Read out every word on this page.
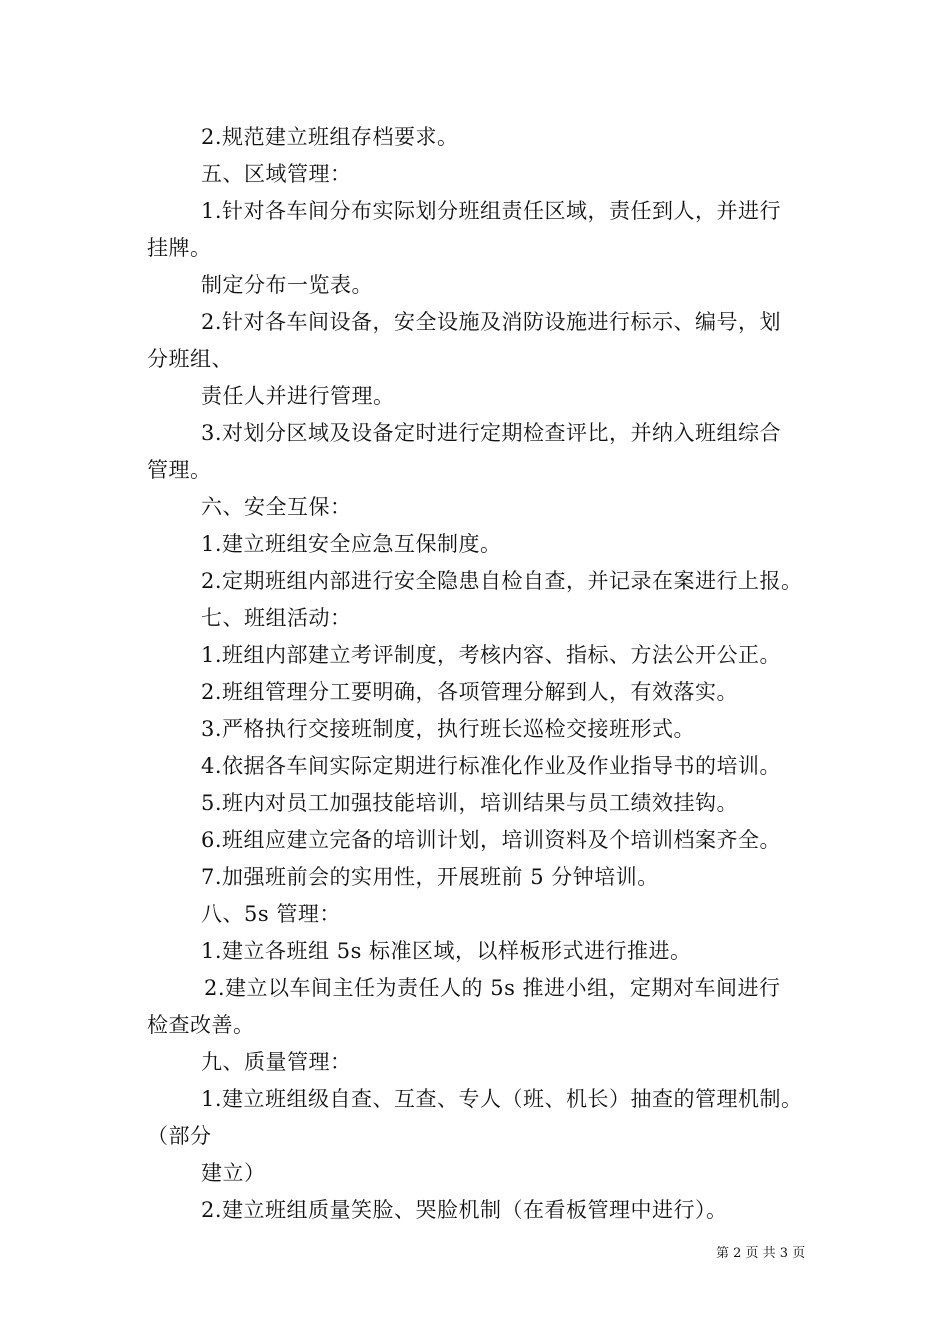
2.规范建立班组存档要求。
五、区域管理：
1.针对各车间分布实际划分班组责任区域，责任到人，并进行
挂牌。
制定分布一览表。
2.针对各车间设备，安全设施及消防设施进行标示、编号，划
分班组、
责任人并进行管理。
3.对划分区域及设备定时进行定期检查评比，并纳入班组综合
管理。
六、安全互保：
1.建立班组安全应急互保制度。
2.定期班组内部进行安全隐患自检自查，并记录在案进行上报。
七、班组活动：
1.班组内部建立考评制度，考核内容、指标、方法公开公正。
2.班组管理分工要明确，各项管理分解到人，有效落实。
3.严格执行交接班制度，执行班长巡检交接班形式。
4.依据各车间实际定期进行标准化作业及作业指导书的培训。
5.班内对员工加强技能培训，培训结果与员工绩效挂钩。
6.班组应建立完备的培训计划，培训资料及个培训档案齐全。
7.加强班前会的实用性，开展班前 5 分钟培训。
八、5s 管理：
1.建立各班组 5s 标准区域，以样板形式进行推进。
2.建立以车间主任为责任人的 5s 推进小组，定期对车间进行
检查改善。
九、质量管理：
1.建立班组级自查、互查、专人（班、机长）抽查的管理机制。
（部分
建立）
2.建立班组质量笑脸、哭脸机制（在看板管理中进行）。
第 2 页 共 3 页
